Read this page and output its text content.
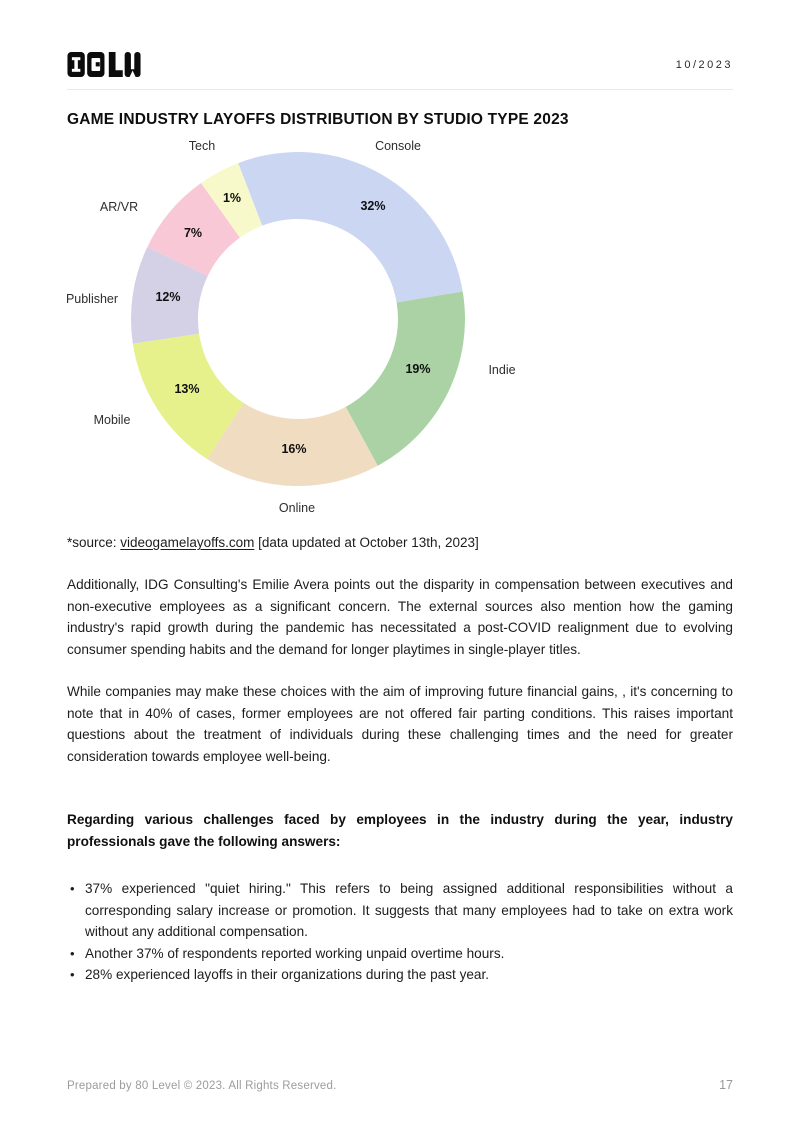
10/2023
GAME INDUSTRY LAYOFFS DISTRIBUTION BY STUDIO TYPE 2023
32%
Console
19%	Indie
16%
Online
13%
Mobile
12%
Publisher
7%
AR/VR
1%
Tech

*source: videogamelayoffs.com [data updated at October 13th, 2023]

Additionally, IDG Consulting's Emilie Avera points out the disparity in compensation between executives and non-executive employees as a significant concern. The external sources also mention how the gaming industry's rapid growth during the pandemic has necessitated a post-COVID realignment due to evolving consumer spending habits and the demand for longer playtimes in single-player titles.

While companies may make these choices with the aim of improving future financial gains, , it's concerning to note that in 40% of cases, former employees are not offered fair parting conditions. This raises important questions about the treatment of individuals during these challenging times and the need for greater consideration towards employee well-being.

Regarding various challenges faced by employees in the industry during the year, industry professionals gave the following answers:

• 37% experienced "quiet hiring." This refers to being assigned additional responsibilities without a corresponding salary increase or promotion. It suggests that many employees had to take on extra work without any additional compensation.
• Another 37% of respondents reported working unpaid overtime hours.
• 28% experienced layoffs in their organizations during the past year.
Prepared by 80 Level © 2023. All Rights Reserved.	17
